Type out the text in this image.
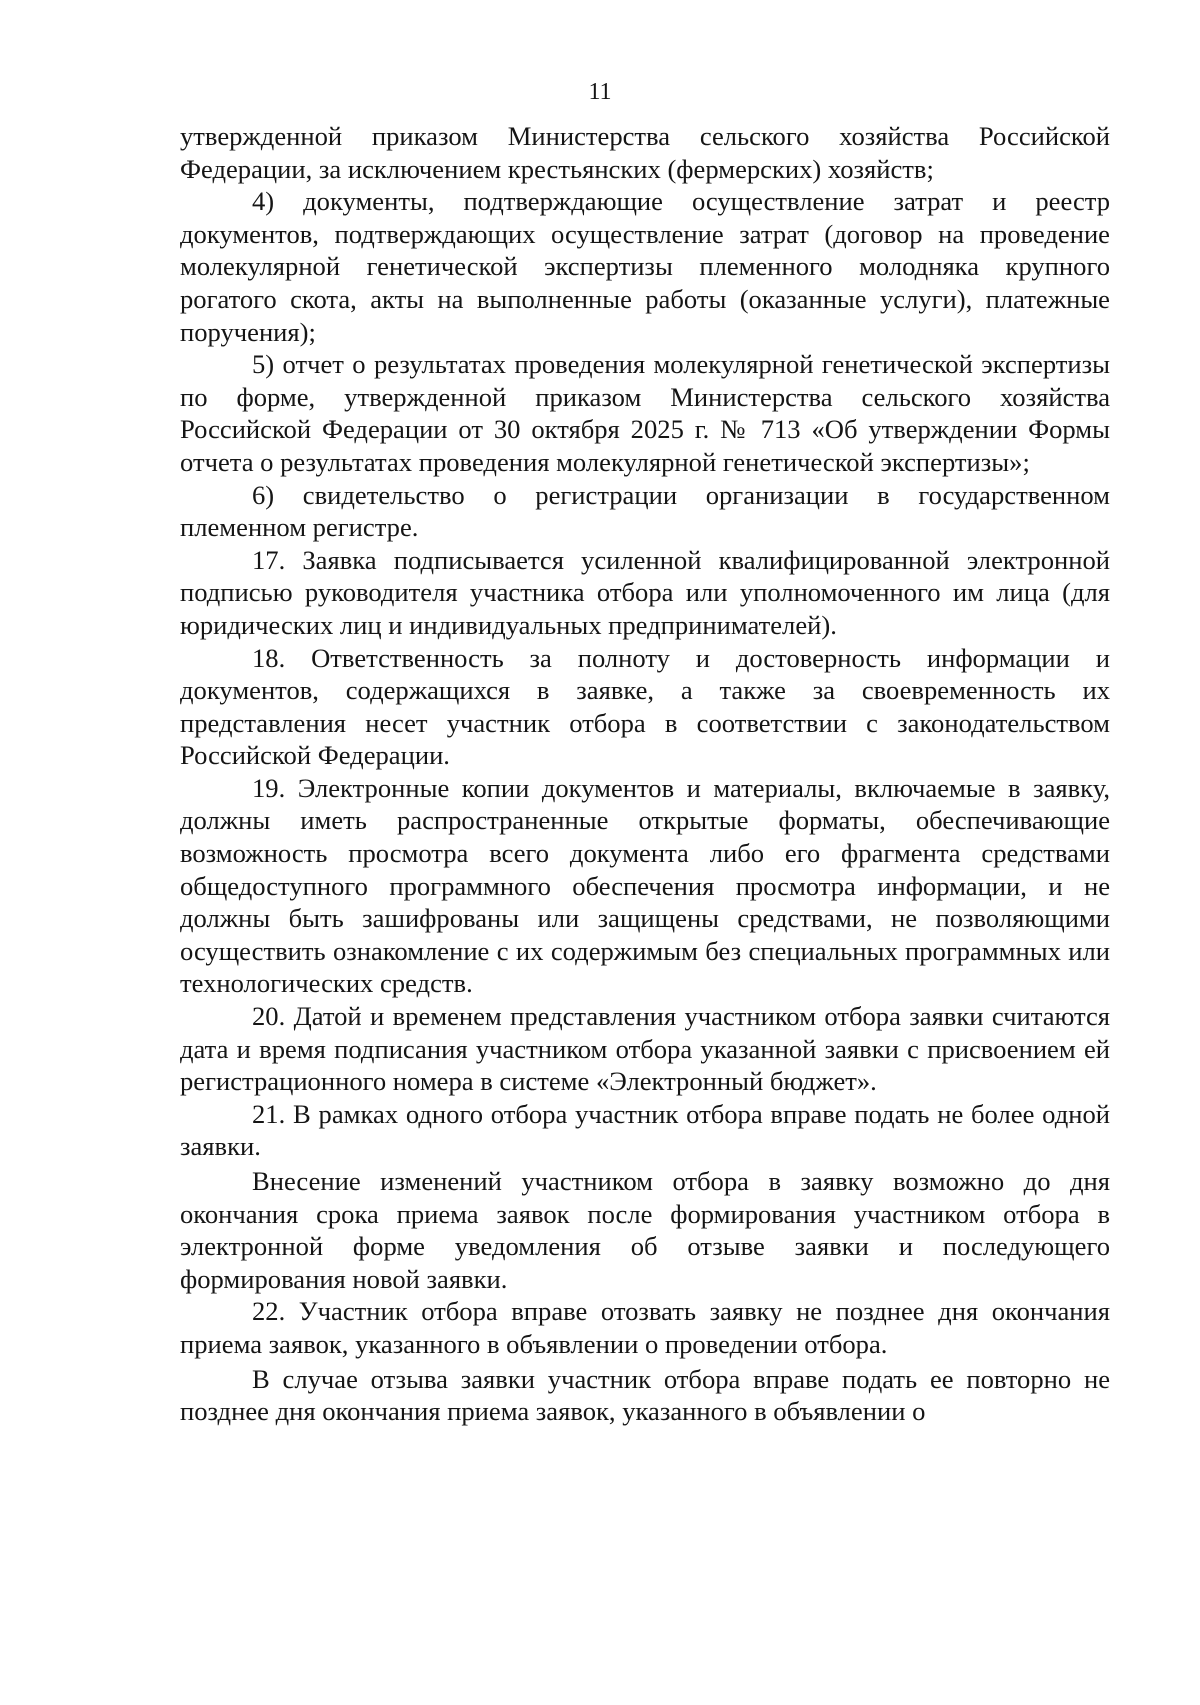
11

утвержденной приказом Министерства сельского хозяйства Российской Федерации, за исключением крестьянских (фермерских) хозяйств;

4) документы, подтверждающие осуществление затрат и реестр документов, подтверждающих осуществление затрат (договор на проведение молекулярной генетической экспертизы племенного молодняка крупного рогатого скота, акты на выполненные работы (оказанные услуги), платежные поручения);

5) отчет о результатах проведения молекулярной генетической экспертизы по форме, утвержденной приказом Министерства сельского хозяйства Российской Федерации от 30 октября 2025 г. № 713 «Об утверждении Формы отчета о результатах проведения молекулярной генетической экспертизы»;

6) свидетельство о регистрации организации в государственном племенном регистре.

17. Заявка подписывается усиленной квалифицированной электронной подписью руководителя участника отбора или уполномоченного им лица (для юридических лиц и индивидуальных предпринимателей).

18. Ответственность за полноту и достоверность информации и документов, содержащихся в заявке, а также за своевременность их представления несет участник отбора в соответствии с законодательством Российской Федерации.

19. Электронные копии документов и материалы, включаемые в заявку, должны иметь распространенные открытые форматы, обеспечивающие возможность просмотра всего документа либо его фрагмента средствами общедоступного программного обеспечения просмотра информации, и не должны быть зашифрованы или защищены средствами, не позволяющими осуществить ознакомление с их содержимым без специальных программных или технологических средств.

20. Датой и временем представления участником отбора заявки считаются дата и время подписания участником отбора указанной заявки с присвоением ей регистрационного номера в системе «Электронный бюджет».

21. В рамках одного отбора участник отбора вправе подать не более одной заявки.

Внесение изменений участником отбора в заявку возможно до дня окончания срока приема заявок после формирования участником отбора в электронной форме уведомления об отзыве заявки и последующего формирования новой заявки.

22. Участник отбора вправе отозвать заявку не позднее дня окончания приема заявок, указанного в объявлении о проведении отбора.

В случае отзыва заявки участник отбора вправе подать ее повторно не позднее дня окончания приема заявок, указанного в объявлении о
